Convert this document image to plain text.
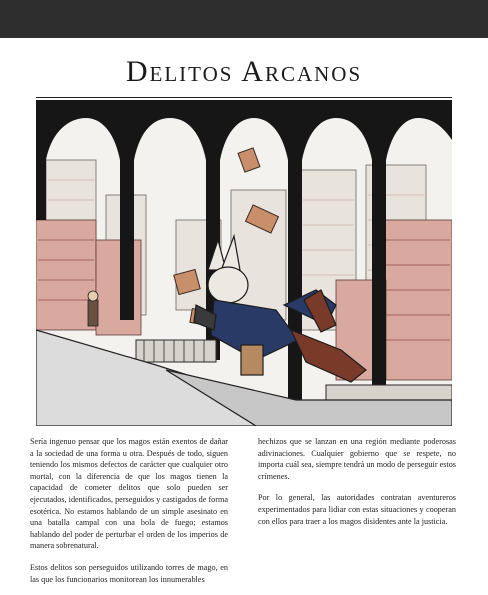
Delitos Arcanos

Sería ingenuo pensar que los magos están exentos de dañar a la sociedad de una forma u otra. Después de todo, siguen teniendo los mismos defectos de carácter que cualquier otro mortal, con la diferencia de que los magos tienen la capacidad de cometer delitos que solo pueden ser ejecutados, identificados, perseguidos y castigados de forma esotérica. No estamos hablando de un simple asesinato en una batalla campal con una bola de fuego; estamos hablando del poder de perturbar el orden de los imperios de manera sobrenatural.

Estos delitos son perseguidos utilizando torres de mago, en las que los funcionarios monitorean los innumerables

hechizos que se lanzan en una región mediante poderosas adivinaciones. Cualquier gobierno que se respete, no importa cuál sea, siempre tendrá un modo de perseguir estos crímenes.

Por lo general, las autoridades contratan aventureros experimentados para lidiar con estas situaciones y cooperan con ellos para traer a los magos disidentes ante la justicia.
